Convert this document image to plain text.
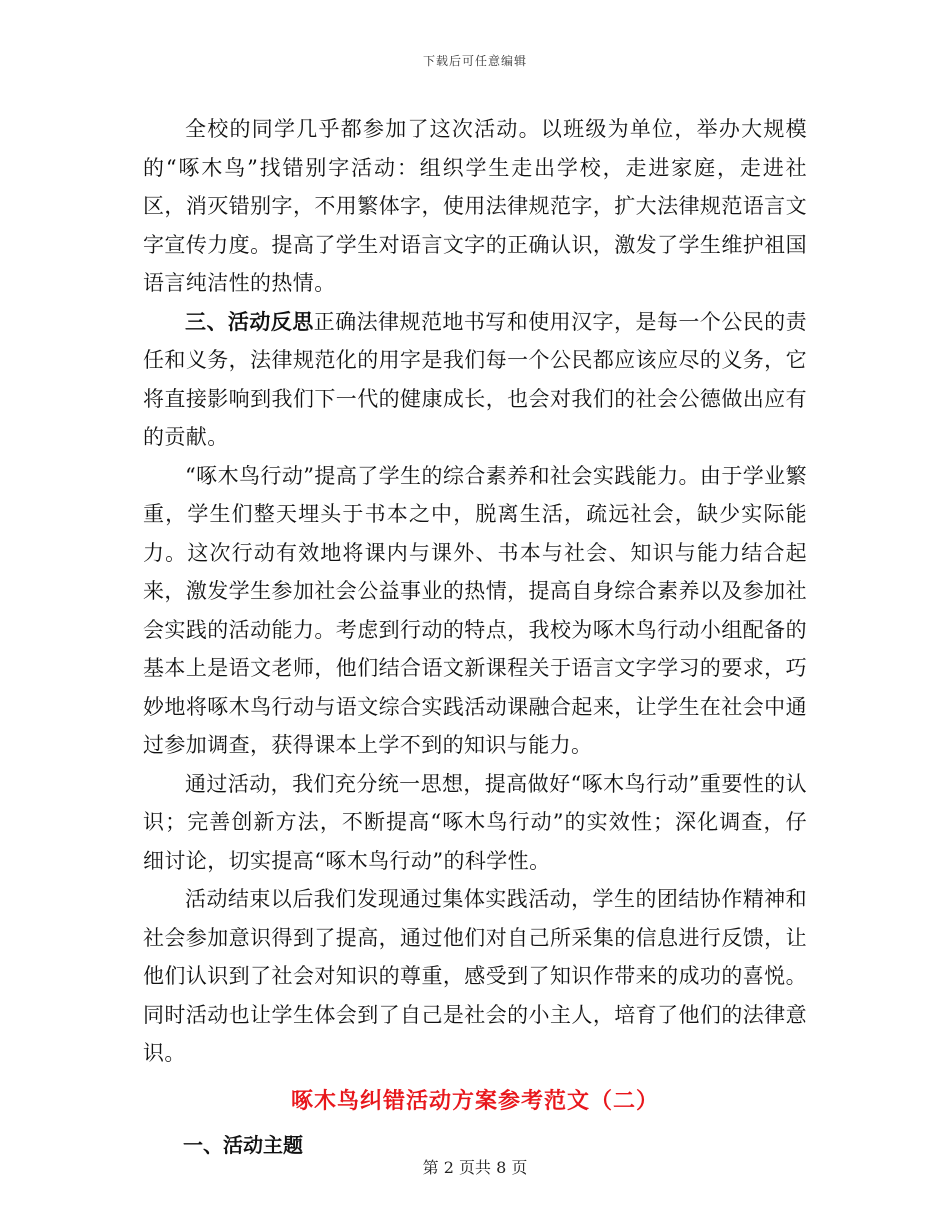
下载后可任意编辑

全校的同学几乎都参加了这次活动。以班级为单位，举办大规模的“啄木鸟”找错别字活动：组织学生走出学校，走进家庭，走进社区，消灭错别字，不用繁体字，使用法律规范字，扩大法律规范语言文字宣传力度。提高了学生对语言文字的正确认识，激发了学生维护祖国语言纯洁性的热情。

三、活动反思正确法律规范地书写和使用汉字，是每一个公民的责任和义务，法律规范化的用字是我们每一个公民都应该应尽的义务，它将直接影响到我们下一代的健康成长，也会对我们的社会公德做出应有的贡献。

“啄木鸟行动”提高了学生的综合素养和社会实践能力。由于学业繁重，学生们整天埋头于书本之中，脱离生活，疏远社会，缺少实际能力。这次行动有效地将课内与课外、书本与社会、知识与能力结合起来，激发学生参加社会公益事业的热情，提高自身综合素养以及参加社会实践的活动能力。考虑到行动的特点，我校为啄木鸟行动小组配备的基本上是语文老师，他们结合语文新课程关于语言文字学习的要求，巧妙地将啄木鸟行动与语文综合实践活动课融合起来，让学生在社会中通过参加调查，获得课本上学不到的知识与能力。

通过活动，我们充分统一思想，提高做好“啄木鸟行动”重要性的认识；完善创新方法，不断提高“啄木鸟行动”的实效性；深化调查，仔细讨论，切实提高“啄木鸟行动”的科学性。

活动结束以后我们发现通过集体实践活动，学生的团结协作精神和社会参加意识得到了提高，通过他们对自己所采集的信息进行反馈，让他们认识到了社会对知识的尊重，感受到了知识作带来的成功的喜悦。同时活动也让学生体会到了自己是社会的小主人，培育了他们的法律意识。

啄木鸟纠错活动方案参考范文（二）
一、活动主题
第 2 页共 8 页
